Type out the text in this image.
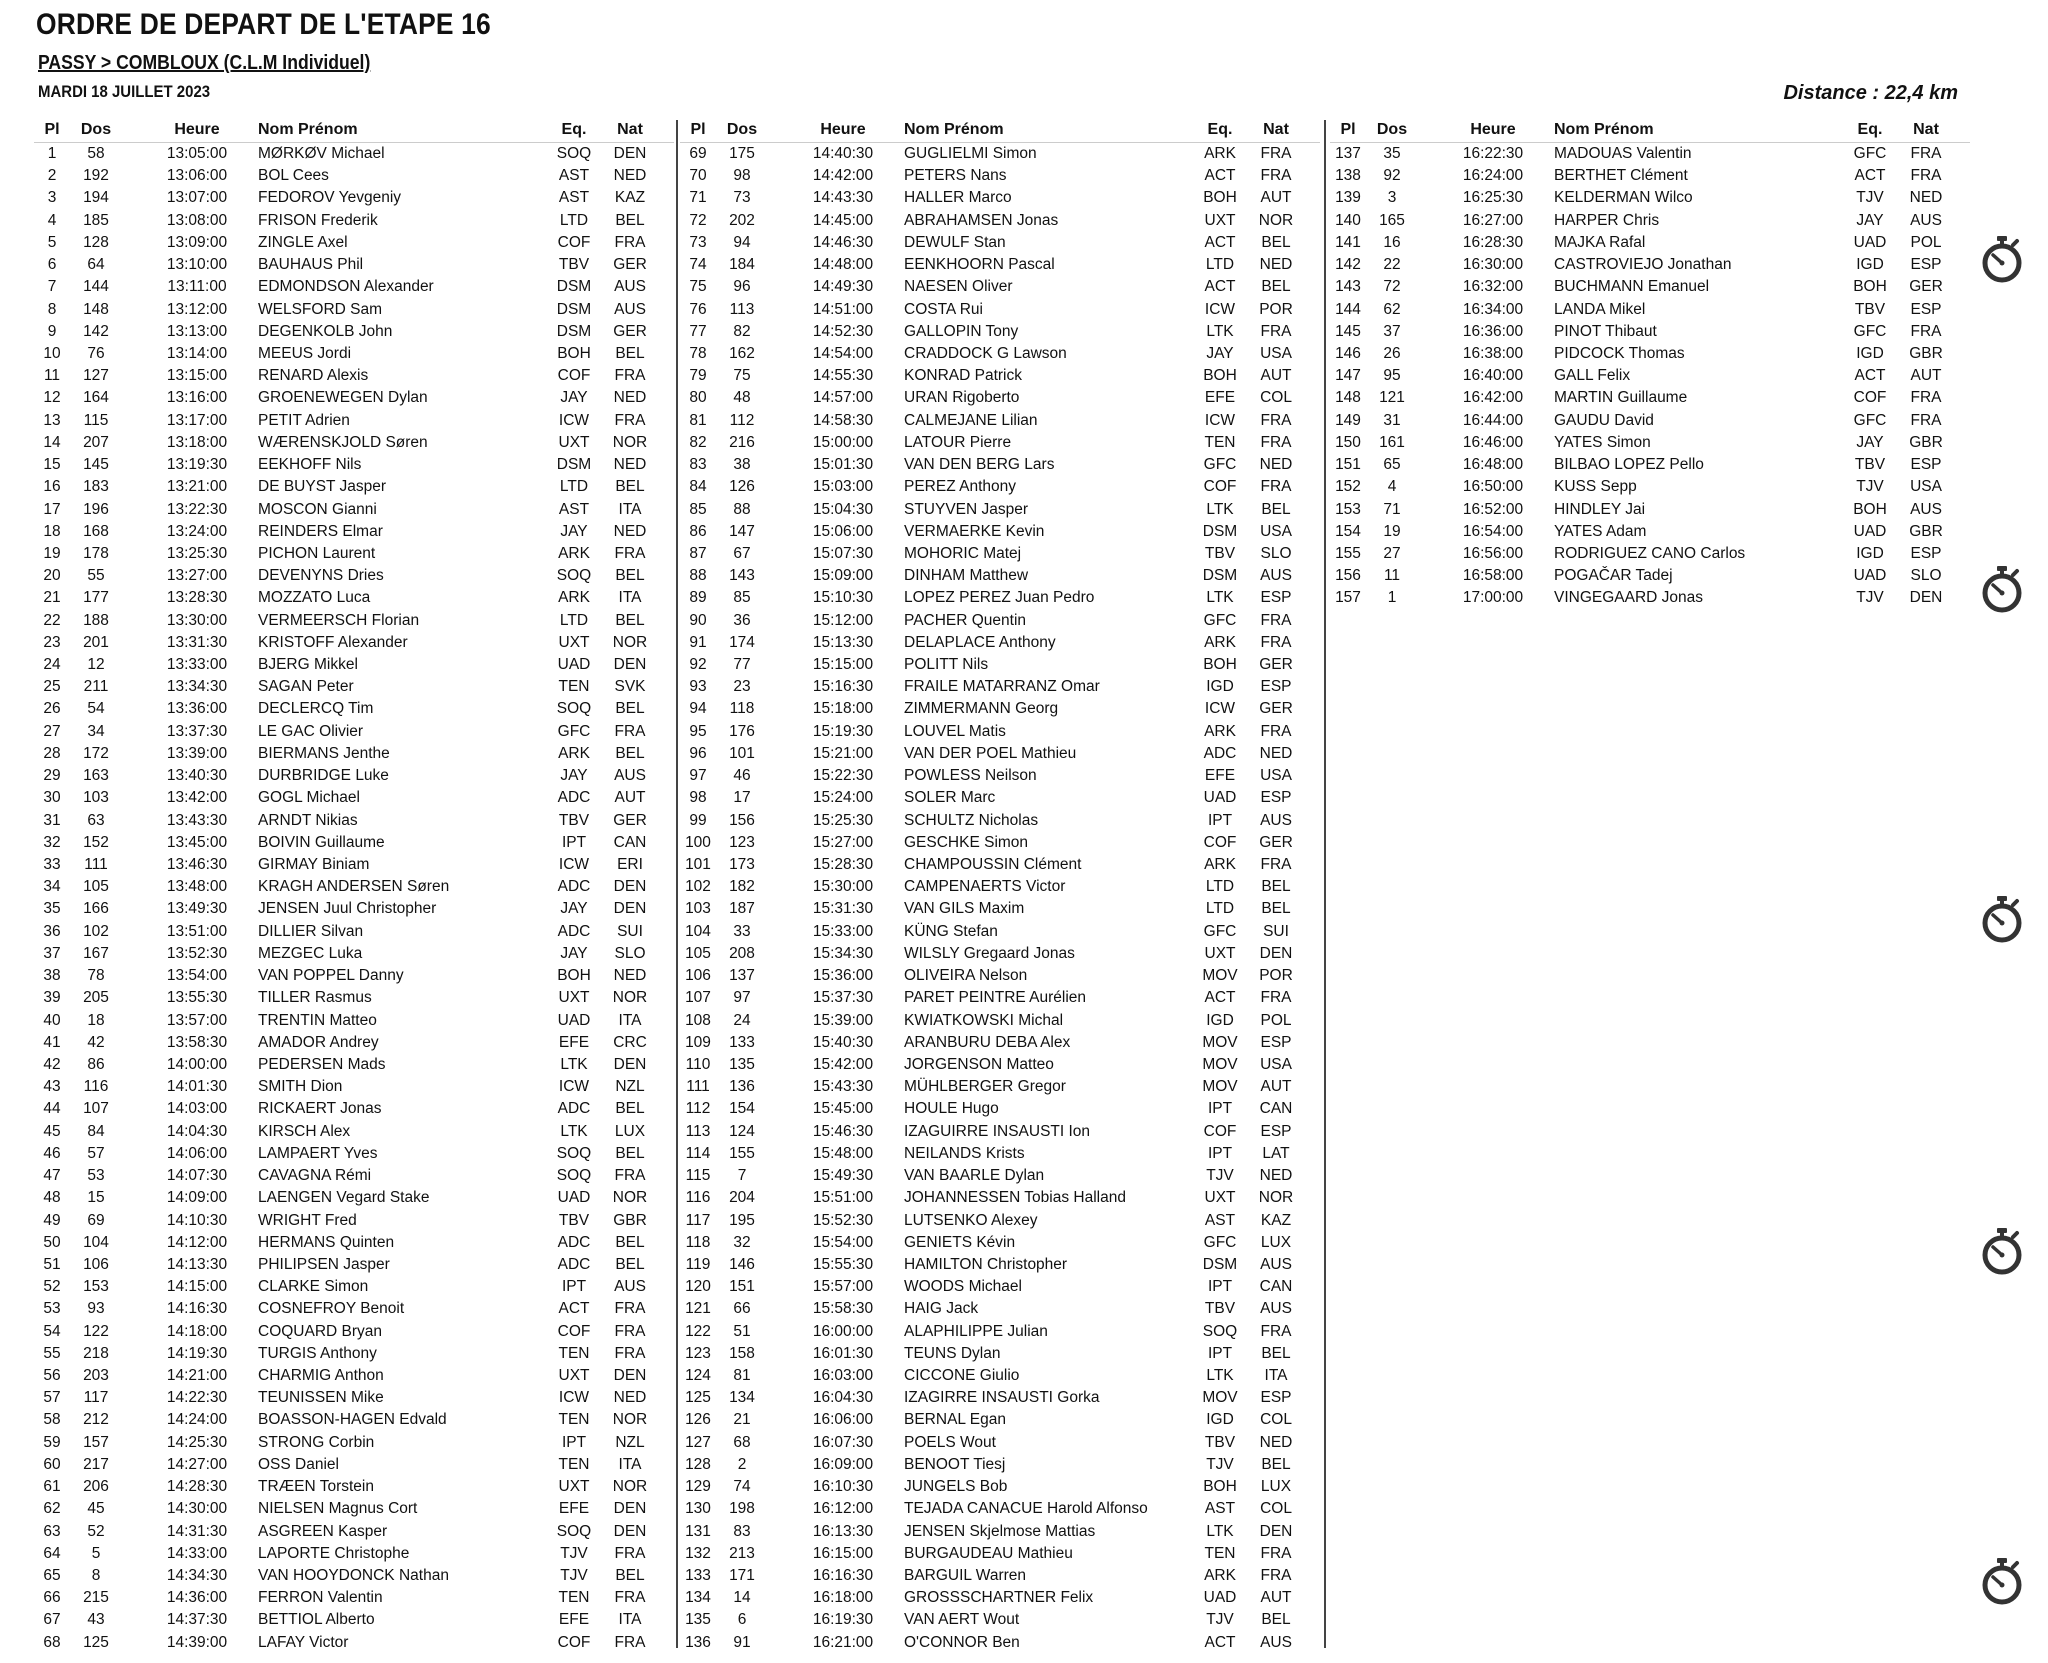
ORDRE DE DEPART DE L'ETAPE 16
PASSY > COMBLOUX (C.L.M Individuel)
MARDI 18 JUILLET 2023	Distance : 22,4 km
Pl	Dos	Heure	Nom Prénom	Eq.	Nat
1	58	13:05:00	MØRKØV Michael	SOQ	DEN
2	192	13:06:00	BOL Cees	AST	NED
3	194	13:07:00	FEDOROV Yevgeniy	AST	KAZ
4	185	13:08:00	FRISON Frederik	LTD	BEL
5	128	13:09:00	ZINGLE Axel	COF	FRA
6	64	13:10:00	BAUHAUS Phil	TBV	GER
7	144	13:11:00	EDMONDSON Alexander	DSM	AUS
8	148	13:12:00	WELSFORD Sam	DSM	AUS
9	142	13:13:00	DEGENKOLB John	DSM	GER
10	76	13:14:00	MEEUS Jordi	BOH	BEL
11	127	13:15:00	RENARD Alexis	COF	FRA
12	164	13:16:00	GROENEWEGEN Dylan	JAY	NED
13	115	13:17:00	PETIT Adrien	ICW	FRA
14	207	13:18:00	WÆRENSKJOLD Søren	UXT	NOR
15	145	13:19:30	EEKHOFF Nils	DSM	NED
16	183	13:21:00	DE BUYST Jasper	LTD	BEL
17	196	13:22:30	MOSCON Gianni	AST	ITA
18	168	13:24:00	REINDERS Elmar	JAY	NED
19	178	13:25:30	PICHON Laurent	ARK	FRA
20	55	13:27:00	DEVENYNS Dries	SOQ	BEL
21	177	13:28:30	MOZZATO Luca	ARK	ITA
22	188	13:30:00	VERMEERSCH Florian	LTD	BEL
23	201	13:31:30	KRISTOFF Alexander	UXT	NOR
24	12	13:33:00	BJERG Mikkel	UAD	DEN
25	211	13:34:30	SAGAN Peter	TEN	SVK
26	54	13:36:00	DECLERCQ Tim	SOQ	BEL
27	34	13:37:30	LE GAC Olivier	GFC	FRA
28	172	13:39:00	BIERMANS Jenthe	ARK	BEL
29	163	13:40:30	DURBRIDGE Luke	JAY	AUS
30	103	13:42:00	GOGL Michael	ADC	AUT
31	63	13:43:30	ARNDT Nikias	TBV	GER
32	152	13:45:00	BOIVIN Guillaume	IPT	CAN
33	111	13:46:30	GIRMAY Biniam	ICW	ERI
34	105	13:48:00	KRAGH ANDERSEN Søren	ADC	DEN
35	166	13:49:30	JENSEN Juul Christopher	JAY	DEN
36	102	13:51:00	DILLIER Silvan	ADC	SUI
37	167	13:52:30	MEZGEC Luka	JAY	SLO
38	78	13:54:00	VAN POPPEL Danny	BOH	NED
39	205	13:55:30	TILLER Rasmus	UXT	NOR
40	18	13:57:00	TRENTIN Matteo	UAD	ITA
41	42	13:58:30	AMADOR Andrey	EFE	CRC
42	86	14:00:00	PEDERSEN Mads	LTK	DEN
43	116	14:01:30	SMITH Dion	ICW	NZL
44	107	14:03:00	RICKAERT Jonas	ADC	BEL
45	84	14:04:30	KIRSCH Alex	LTK	LUX
46	57	14:06:00	LAMPAERT Yves	SOQ	BEL
47	53	14:07:30	CAVAGNA Rémi	SOQ	FRA
48	15	14:09:00	LAENGEN Vegard Stake	UAD	NOR
49	69	14:10:30	WRIGHT Fred	TBV	GBR
50	104	14:12:00	HERMANS Quinten	ADC	BEL
51	106	14:13:30	PHILIPSEN Jasper	ADC	BEL
52	153	14:15:00	CLARKE Simon	IPT	AUS
53	93	14:16:30	COSNEFROY Benoit	ACT	FRA
54	122	14:18:00	COQUARD Bryan	COF	FRA
55	218	14:19:30	TURGIS Anthony	TEN	FRA
56	203	14:21:00	CHARMIG Anthon	UXT	DEN
57	117	14:22:30	TEUNISSEN Mike	ICW	NED
58	212	14:24:00	BOASSON-HAGEN Edvald	TEN	NOR
59	157	14:25:30	STRONG Corbin	IPT	NZL
60	217	14:27:00	OSS Daniel	TEN	ITA
61	206	14:28:30	TRÆEN Torstein	UXT	NOR
62	45	14:30:00	NIELSEN Magnus Cort	EFE	DEN
63	52	14:31:30	ASGREEN Kasper	SOQ	DEN
64	5	14:33:00	LAPORTE Christophe	TJV	FRA
65	8	14:34:30	VAN HOOYDONCK Nathan	TJV	BEL
66	215	14:36:00	FERRON Valentin	TEN	FRA
67	43	14:37:30	BETTIOL Alberto	EFE	ITA
68	125	14:39:00	LAFAY Victor	COF	FRA
Pl	Dos	Heure	Nom Prénom	Eq.	Nat
69	175	14:40:30	GUGLIELMI Simon	ARK	FRA
70	98	14:42:00	PETERS Nans	ACT	FRA
71	73	14:43:30	HALLER Marco	BOH	AUT
72	202	14:45:00	ABRAHAMSEN Jonas	UXT	NOR
73	94	14:46:30	DEWULF Stan	ACT	BEL
74	184	14:48:00	EENKHOORN Pascal	LTD	NED
75	96	14:49:30	NAESEN Oliver	ACT	BEL
76	113	14:51:00	COSTA Rui	ICW	POR
77	82	14:52:30	GALLOPIN Tony	LTK	FRA
78	162	14:54:00	CRADDOCK G Lawson	JAY	USA
79	75	14:55:30	KONRAD Patrick	BOH	AUT
80	48	14:57:00	URAN Rigoberto	EFE	COL
81	112	14:58:30	CALMEJANE Lilian	ICW	FRA
82	216	15:00:00	LATOUR Pierre	TEN	FRA
83	38	15:01:30	VAN DEN BERG Lars	GFC	NED
84	126	15:03:00	PEREZ Anthony	COF	FRA
85	88	15:04:30	STUYVEN Jasper	LTK	BEL
86	147	15:06:00	VERMAERKE Kevin	DSM	USA
87	67	15:07:30	MOHORIC Matej	TBV	SLO
88	143	15:09:00	DINHAM Matthew	DSM	AUS
89	85	15:10:30	LOPEZ PEREZ Juan Pedro	LTK	ESP
90	36	15:12:00	PACHER Quentin	GFC	FRA
91	174	15:13:30	DELAPLACE Anthony	ARK	FRA
92	77	15:15:00	POLITT Nils	BOH	GER
93	23	15:16:30	FRAILE MATARRANZ Omar	IGD	ESP
94	118	15:18:00	ZIMMERMANN Georg	ICW	GER
95	176	15:19:30	LOUVEL Matis	ARK	FRA
96	101	15:21:00	VAN DER POEL Mathieu	ADC	NED
97	46	15:22:30	POWLESS Neilson	EFE	USA
98	17	15:24:00	SOLER Marc	UAD	ESP
99	156	15:25:30	SCHULTZ Nicholas	IPT	AUS
100	123	15:27:00	GESCHKE Simon	COF	GER
101	173	15:28:30	CHAMPOUSSIN Clément	ARK	FRA
102	182	15:30:00	CAMPENAERTS Victor	LTD	BEL
103	187	15:31:30	VAN GILS Maxim	LTD	BEL
104	33	15:33:00	KÜNG Stefan	GFC	SUI
105	208	15:34:30	WILSLY Gregaard Jonas	UXT	DEN
106	137	15:36:00	OLIVEIRA Nelson	MOV	POR
107	97	15:37:30	PARET PEINTRE Aurélien	ACT	FRA
108	24	15:39:00	KWIATKOWSKI Michal	IGD	POL
109	133	15:40:30	ARANBURU DEBA Alex	MOV	ESP
110	135	15:42:00	JORGENSON Matteo	MOV	USA
111	136	15:43:30	MÜHLBERGER Gregor	MOV	AUT
112	154	15:45:00	HOULE Hugo	IPT	CAN
113	124	15:46:30	IZAGUIRRE INSAUSTI Ion	COF	ESP
114	155	15:48:00	NEILANDS Krists	IPT	LAT
115	7	15:49:30	VAN BAARLE Dylan	TJV	NED
116	204	15:51:00	JOHANNESSEN Tobias Halland	UXT	NOR
117	195	15:52:30	LUTSENKO Alexey	AST	KAZ
118	32	15:54:00	GENIETS Kévin	GFC	LUX
119	146	15:55:30	HAMILTON Christopher	DSM	AUS
120	151	15:57:00	WOODS Michael	IPT	CAN
121	66	15:58:30	HAIG Jack	TBV	AUS
122	51	16:00:00	ALAPHILIPPE Julian	SOQ	FRA
123	158	16:01:30	TEUNS Dylan	IPT	BEL
124	81	16:03:00	CICCONE Giulio	LTK	ITA
125	134	16:04:30	IZAGIRRE INSAUSTI Gorka	MOV	ESP
126	21	16:06:00	BERNAL Egan	IGD	COL
127	68	16:07:30	POELS Wout	TBV	NED
128	2	16:09:00	BENOOT Tiesj	TJV	BEL
129	74	16:10:30	JUNGELS Bob	BOH	LUX
130	198	16:12:00	TEJADA CANACUE Harold Alfonso	AST	COL
131	83	16:13:30	JENSEN Skjelmose Mattias	LTK	DEN
132	213	16:15:00	BURGAUDEAU Mathieu	TEN	FRA
133	171	16:16:30	BARGUIL Warren	ARK	FRA
134	14	16:18:00	GROSSSCHARTNER Felix	UAD	AUT
135	6	16:19:30	VAN AERT Wout	TJV	BEL
136	91	16:21:00	O'CONNOR Ben	ACT	AUS
Pl	Dos	Heure	Nom Prénom	Eq.	Nat
137	35	16:22:30	MADOUAS Valentin	GFC	FRA
138	92	16:24:00	BERTHET Clément	ACT	FRA
139	3	16:25:30	KELDERMAN Wilco	TJV	NED
140	165	16:27:00	HARPER Chris	JAY	AUS
141	16	16:28:30	MAJKA Rafal	UAD	POL
142	22	16:30:00	CASTROVIEJO Jonathan	IGD	ESP
143	72	16:32:00	BUCHMANN Emanuel	BOH	GER
144	62	16:34:00	LANDA Mikel	TBV	ESP
145	37	16:36:00	PINOT Thibaut	GFC	FRA
146	26	16:38:00	PIDCOCK Thomas	IGD	GBR
147	95	16:40:00	GALL Felix	ACT	AUT
148	121	16:42:00	MARTIN Guillaume	COF	FRA
149	31	16:44:00	GAUDU David	GFC	FRA
150	161	16:46:00	YATES Simon	JAY	GBR
151	65	16:48:00	BILBAO LOPEZ Pello	TBV	ESP
152	4	16:50:00	KUSS Sepp	TJV	USA
153	71	16:52:00	HINDLEY Jai	BOH	AUS
154	19	16:54:00	YATES Adam	UAD	GBR
155	27	16:56:00	RODRIGUEZ CANO Carlos	IGD	ESP
156	11	16:58:00	POGAČAR Tadej	UAD	SLO
157	1	17:00:00	VINGEGAARD Jonas	TJV	DEN
